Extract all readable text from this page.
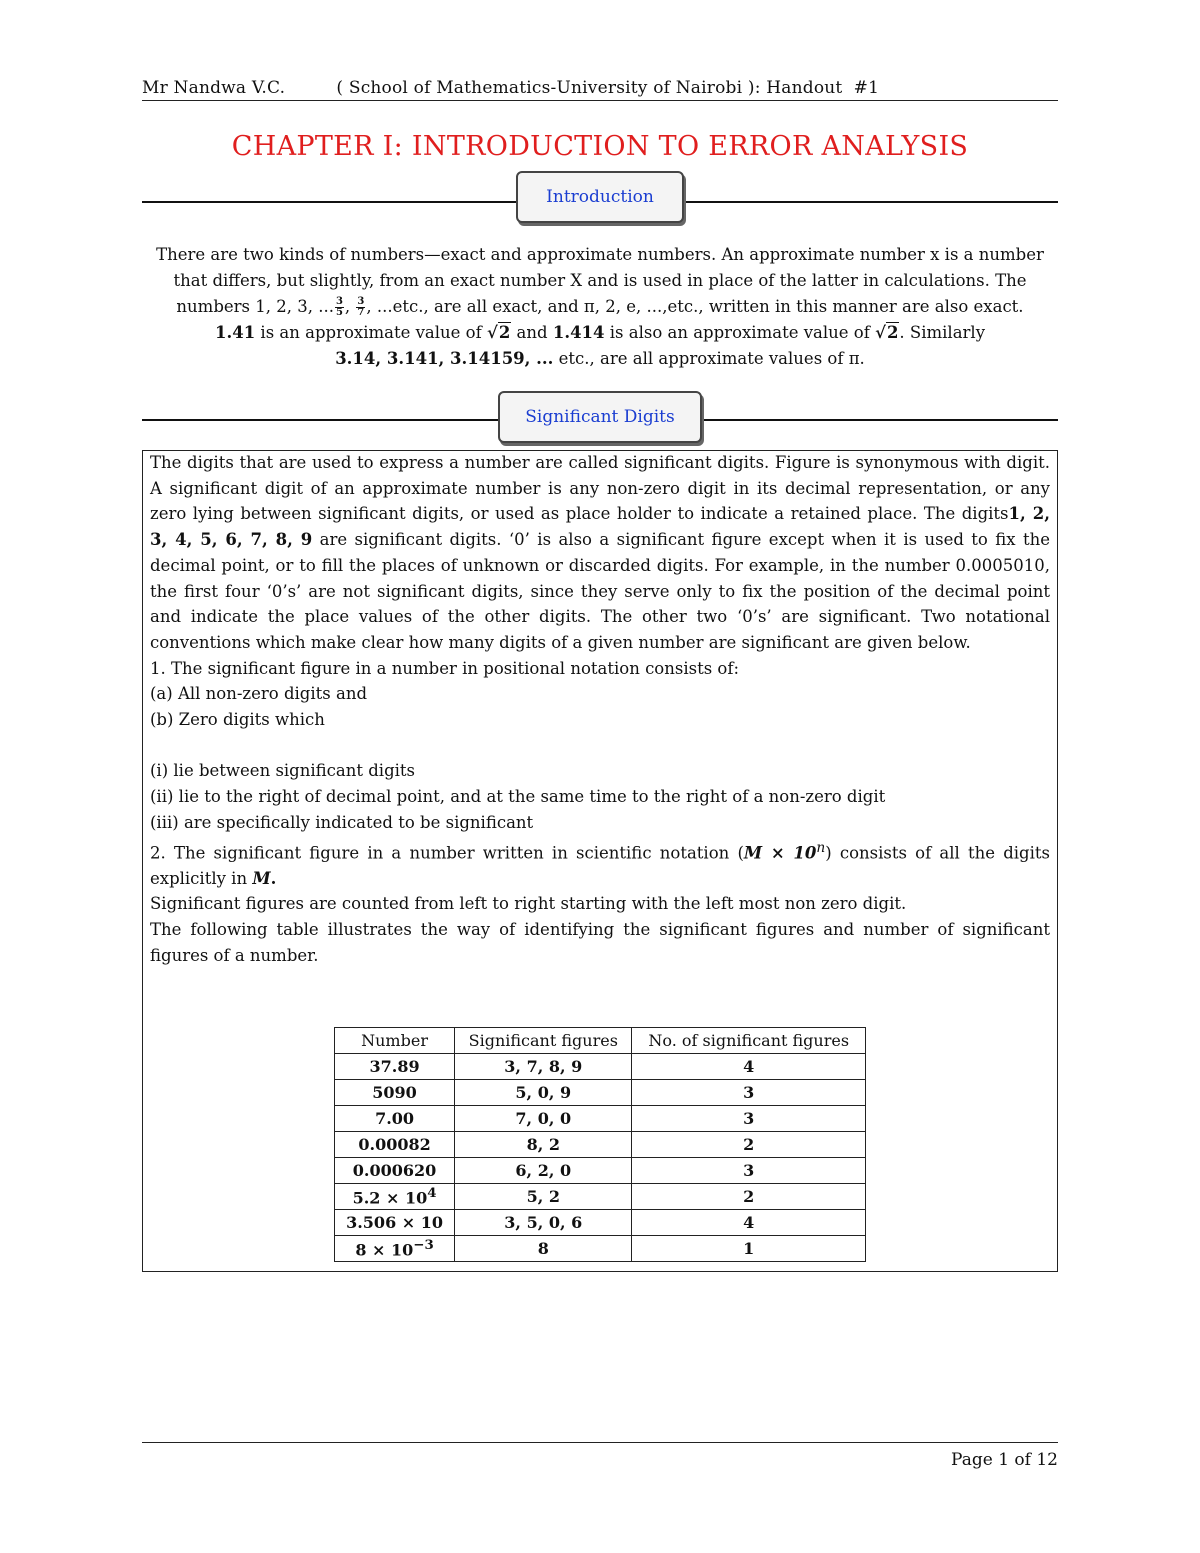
Mr Nandwa V.C.	( School of Mathematics-University of Nairobi ): Handout  #1
CHAPTER I: INTRODUCTION TO ERROR ANALYSIS
Introduction

There are two kinds of numbers—exact and approximate numbers. An approximate number x is a number

that differs, but slightly, from an exact number X and is used in place of the latter in calculations. The

numbers 1, 2, 3, ... $\frac{3}{5}$ , $\frac{3}{7}$ , ...etc., are all exact, and π, 2, e, ...,etc., written in this manner are also exact.

1.41 is an approximate value of √2 and 1.414 is also an approximate value of √2. Similarly

3.14, 3.141, 3.14159, ... etc., are all approximate values of π.

Significant Digits

The digits that are used to express a number are called significant digits. Figure is synonymous with digit. A significant digit of an approximate number is any non-zero digit in its decimal representation, or any zero lying between significant digits, or used as place holder to indicate a retained place. The digits1, 2, 3, 4, 5, 6, 7, 8, 9 are significant digits. ‘0’ is also a significant figure except when it is used to fix the decimal point, or to fill the places of unknown or discarded digits. For example, in the number 0.0005010, the first four ‘0’s’ are not significant digits, since they serve only to fix the position of the decimal point and indicate the place values of the other digits. The other two ‘0’s’ are significant. Two notational conventions which make clear how many digits of a given number are significant are given below.

1. The significant figure in a number in positional notation consists of:

(a) All non-zero digits and

(b) Zero digits which

(i) lie between significant digits

(ii) lie to the right of decimal point, and at the same time to the right of a non-zero digit

(iii) are specifically indicated to be significant

2. The significant figure in a number written in scientific notation $(M \times 10^n)$ consists of all the digits explicitly in M.

Significant figures are counted from left to right starting with the left most non zero digit.

The following table illustrates the way of identifying the significant figures and number of significant figures of a number.

Number	Significant figures	No. of significant figures
37.89	3, 7, 8, 9	4
5090	5, 0, 9	3
7.00	7, 0, 0	3
0.00082	8, 2	2
0.000620	6, 2, 0	3
$5.2 \times 10^4$	5, 2	2
3.506 × 10	3, 5, 0, 6	4
$8 \times 10^{-3}$	8	1
Page 1 of 12
